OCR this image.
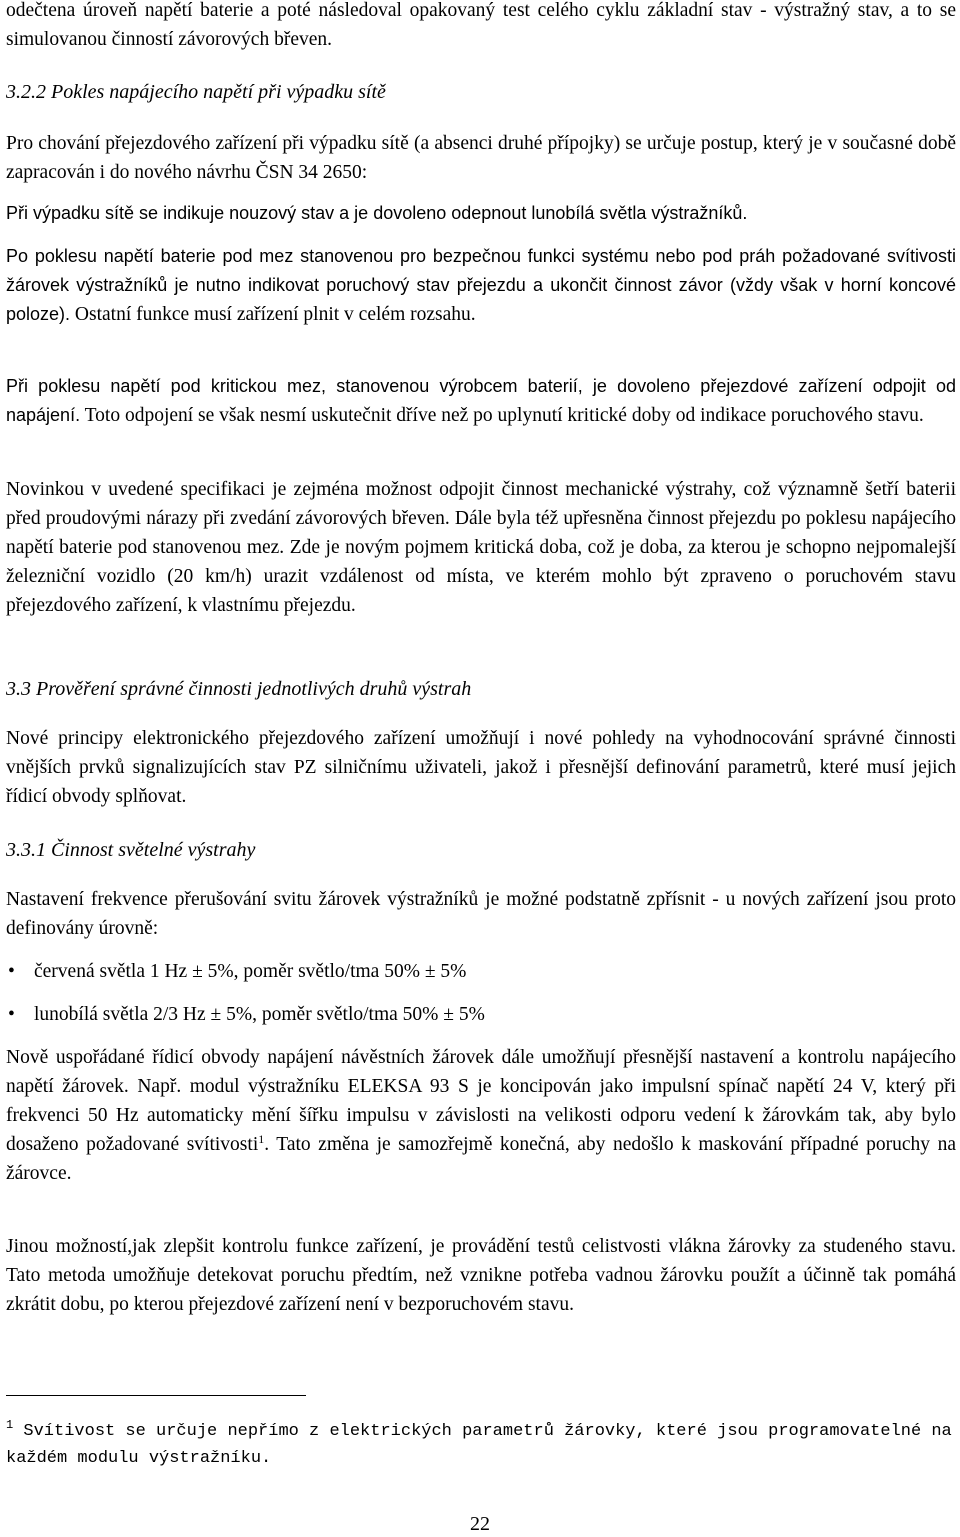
odečtena úroveň napětí baterie a poté následoval opakovaný test celého cyklu základní stav - výstražný stav, a to se simulovanou činností závorových břeven.

3.2.2 Pokles napájecího napětí při výpadku sítě

Pro chování přejezdového zařízení při výpadku sítě (a absenci druhé přípojky) se určuje postup, který je v současné době zapracován i do nového návrhu ČSN 34 2650:

Při výpadku sítě se indikuje nouzový stav a je dovoleno odepnout lunobílá světla výstražníků.

Po poklesu napětí baterie pod mez stanovenou pro bezpečnou funkci systému nebo pod práh požadované svítivosti žárovek výstražníků je nutno indikovat poruchový stav přejezdu a ukončit činnost závor (vždy však v horní koncové poloze). Ostatní funkce musí zařízení plnit v celém rozsahu.

Při poklesu napětí pod kritickou mez, stanovenou výrobcem baterií, je dovoleno přejezdové zařízení odpojit od napájení. Toto odpojení se však nesmí uskutečnit dříve než po uplynutí kritické doby od indikace poruchového stavu.

Novinkou v uvedené specifikaci je zejména možnost odpojit činnost mechanické výstrahy, což významně šetří baterii před proudovými nárazy při zvedání závorových břeven. Dále byla též upřesněna činnost přejezdu po poklesu napájecího napětí baterie pod stanovenou mez. Zde je novým pojmem kritická doba, což je doba, za kterou je schopno nejpomalejší železniční vozidlo (20 km/h) urazit vzdálenost od místa, ve kterém mohlo být zpraveno o poruchovém stavu přejezdového zařízení, k vlastnímu přejezdu.

3.3 Prověření správné činnosti jednotlivých druhů výstrah

Nové principy elektronického přejezdového zařízení umožňují i nové pohledy na vyhodnocování správné činnosti vnějších prvků signalizujících stav PZ silničnímu uživateli, jakož i přesnější definování parametrů, které musí jejich řídicí obvody splňovat.

3.3.1 Činnost světelné výstrahy

Nastavení frekvence přerušování svitu žárovek výstražníků je možné podstatně zpřísnit - u nových zařízení jsou proto definovány úrovně:

• červená světla 1 Hz ± 5%, poměr světlo/tma 50% ± 5%
• lunobílá světla 2/3 Hz ± 5%, poměr světlo/tma 50% ± 5%

Nově uspořádané řídicí obvody napájení návěstních žárovek dále umožňují přesnější nastavení a kontrolu napájecího napětí žárovek. Např. modul výstražníku ELEKSA 93 S je koncipován jako impulsní spínač napětí 24 V, který při frekvenci 50 Hz automaticky mění šířku impulsu v závislosti na velikosti odporu vedení k žárovkám tak, aby bylo dosaženo požadované svítivosti$^1$. Tato změna je samozřejmě konečná, aby nedošlo k maskování případné poruchy na žárovce.

Jinou možností,jak zlepšit kontrolu funkce zařízení, je provádění testů celistvosti vlákna žárovky za studeného stavu. Tato metoda umožňuje detekovat poruchu předtím, než vznikne potřeba vadnou žárovku použít a účinně tak pomáhá zkrátit dobu, po kterou přejezdové zařízení není v bezporuchovém stavu.

$^1$ Svítivost se určuje nepřímo z elektrických parametrů žárovky, které jsou programovatelné na každém modulu výstražníku.
22
